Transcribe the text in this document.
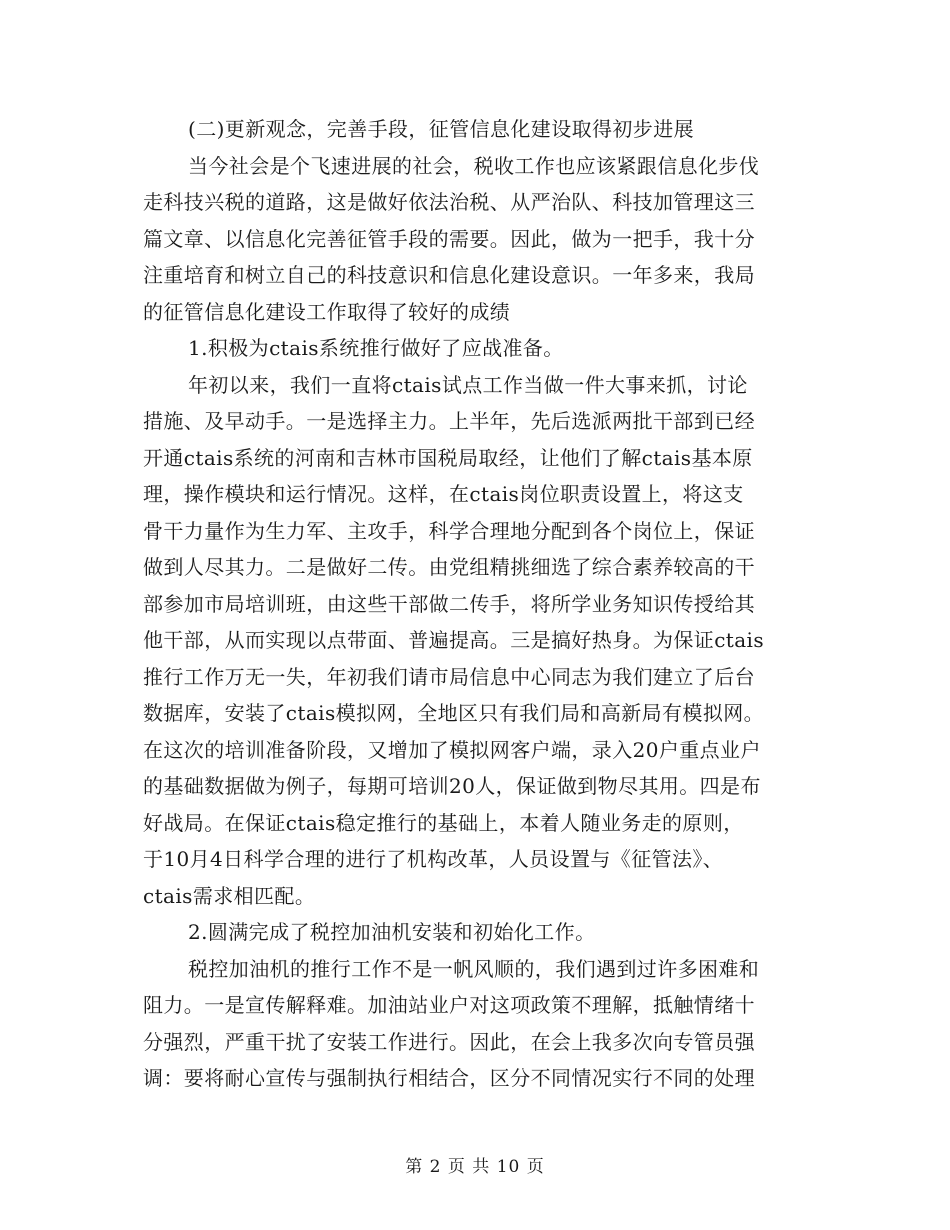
(二)更新观念，完善手段，征管信息化建设取得初步进展
当今社会是个飞速进展的社会，税收工作也应该紧跟信息化步伐
走科技兴税的道路，这是做好依法治税、从严治队、科技加管理这三
篇文章、以信息化完善征管手段的需要。因此，做为一把手，我十分
注重培育和树立自己的科技意识和信息化建设意识。一年多来，我局
的征管信息化建设工作取得了较好的成绩
1.积极为ctais系统推行做好了应战准备。
年初以来，我们一直将ctais试点工作当做一件大事来抓，讨论
措施、及早动手。一是选择主力。上半年，先后选派两批干部到已经
开通ctais系统的河南和吉林市国税局取经，让他们了解ctais基本原
理，操作模块和运行情况。这样，在ctais岗位职责设置上，将这支
骨干力量作为生力军、主攻手，科学合理地分配到各个岗位上，保证
做到人尽其力。二是做好二传。由党组精挑细选了综合素养较高的干
部参加市局培训班，由这些干部做二传手，将所学业务知识传授给其
他干部，从而实现以点带面、普遍提高。三是搞好热身。为保证ctais
推行工作万无一失，年初我们请市局信息中心同志为我们建立了后台
数据库，安装了ctais模拟网，全地区只有我们局和高新局有模拟网。
在这次的培训准备阶段，又增加了模拟网客户端，录入20户重点业户
的基础数据做为例子，每期可培训20人，保证做到物尽其用。四是布
好战局。在保证ctais稳定推行的基础上，本着人随业务走的原则，
于10月4日科学合理的进行了机构改革，人员设置与《征管法》、
ctais需求相匹配。
2.圆满完成了税控加油机安装和初始化工作。
税控加油机的推行工作不是一帆风顺的，我们遇到过许多困难和
阻力。一是宣传解释难。加油站业户对这项政策不理解，抵触情绪十
分强烈，严重干扰了安装工作进行。因此，在会上我多次向专管员强
调：要将耐心宣传与强制执行相结合，区分不同情况实行不同的处理
第 2 页 共 10 页
